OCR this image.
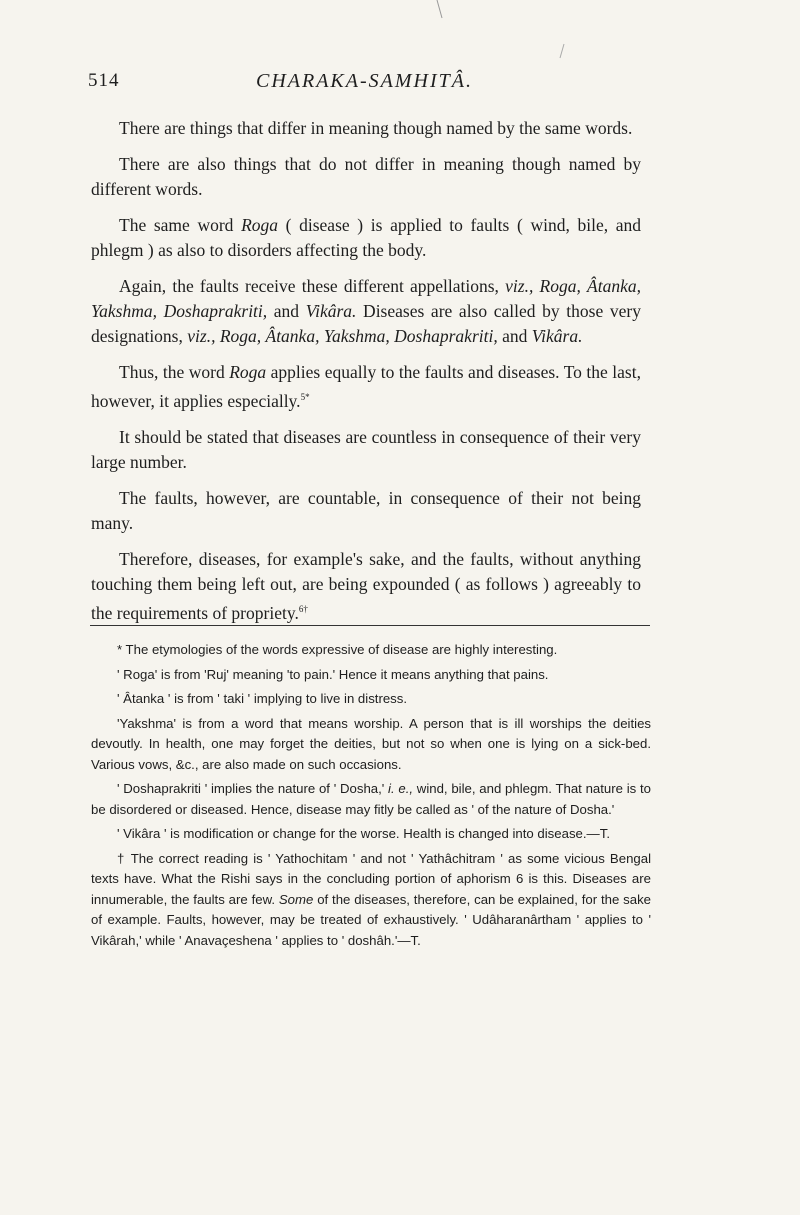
514	CHARAKA-SAMHITÂ.

There are things that differ in meaning though named by the same words.

There are also things that do not differ in meaning though named by different words.

The same word Roga ( disease ) is applied to faults ( wind, bile, and phlegm ) as also to disorders affecting the body.

Again, the faults receive these different appellations, viz., Roga, Âtanka, Yakshma, Doshaprakriti, and Vikâra. Diseases are also called by those very designations, viz., Roga, Âtanka, Yakshma, Doshaprakriti, and Vikâra.

Thus, the word Roga applies equally to the faults and diseases. To the last, however, it applies especially.$^{5*}$

It should be stated that diseases are countless in consequence of their very large number.

The faults, however, are countable, in consequence of their not being many.

Therefore, diseases, for example's sake, and the faults, without anything touching them being left out, are being expounded ( as follows ) agreeably to the requirements of propriety.$^{6\dagger}$

* The etymologies of the words expressive of disease are highly interesting.

' Roga' is from 'Ruj' meaning 'to pain.' Hence it means anything that pains.

' Âtanka ' is from ' taki ' implying to live in distress.

'Yakshma' is from a word that means worship. A person that is ill worships the deities devoutly. In health, one may forget the deities, but not so when one is lying on a sick-bed. Various vows, &c., are also made on such occasions.

' Doshaprakriti ' implies the nature of ' Dosha,' i. e., wind, bile, and phlegm. That nature is to be disordered or diseased. Hence, disease may fitly be called as ' of the nature of Dosha.'

' Vikâra ' is modification or change for the worse. Health is changed into disease.—T.

† The correct reading is ' Yathochitam ' and not ' Yathâchitram ' as some vicious Bengal texts have. What the Rishi says in the concluding portion of aphorism 6 is this. Diseases are innumerable, the faults are few. Some of the diseases, therefore, can be explained, for the sake of example. Faults, however, may be treated of exhaustively. ' Udâharanârtham ' applies to ' Vikârah,' while ' Anavaçeshena ' applies to ' doshâh.'—T.
